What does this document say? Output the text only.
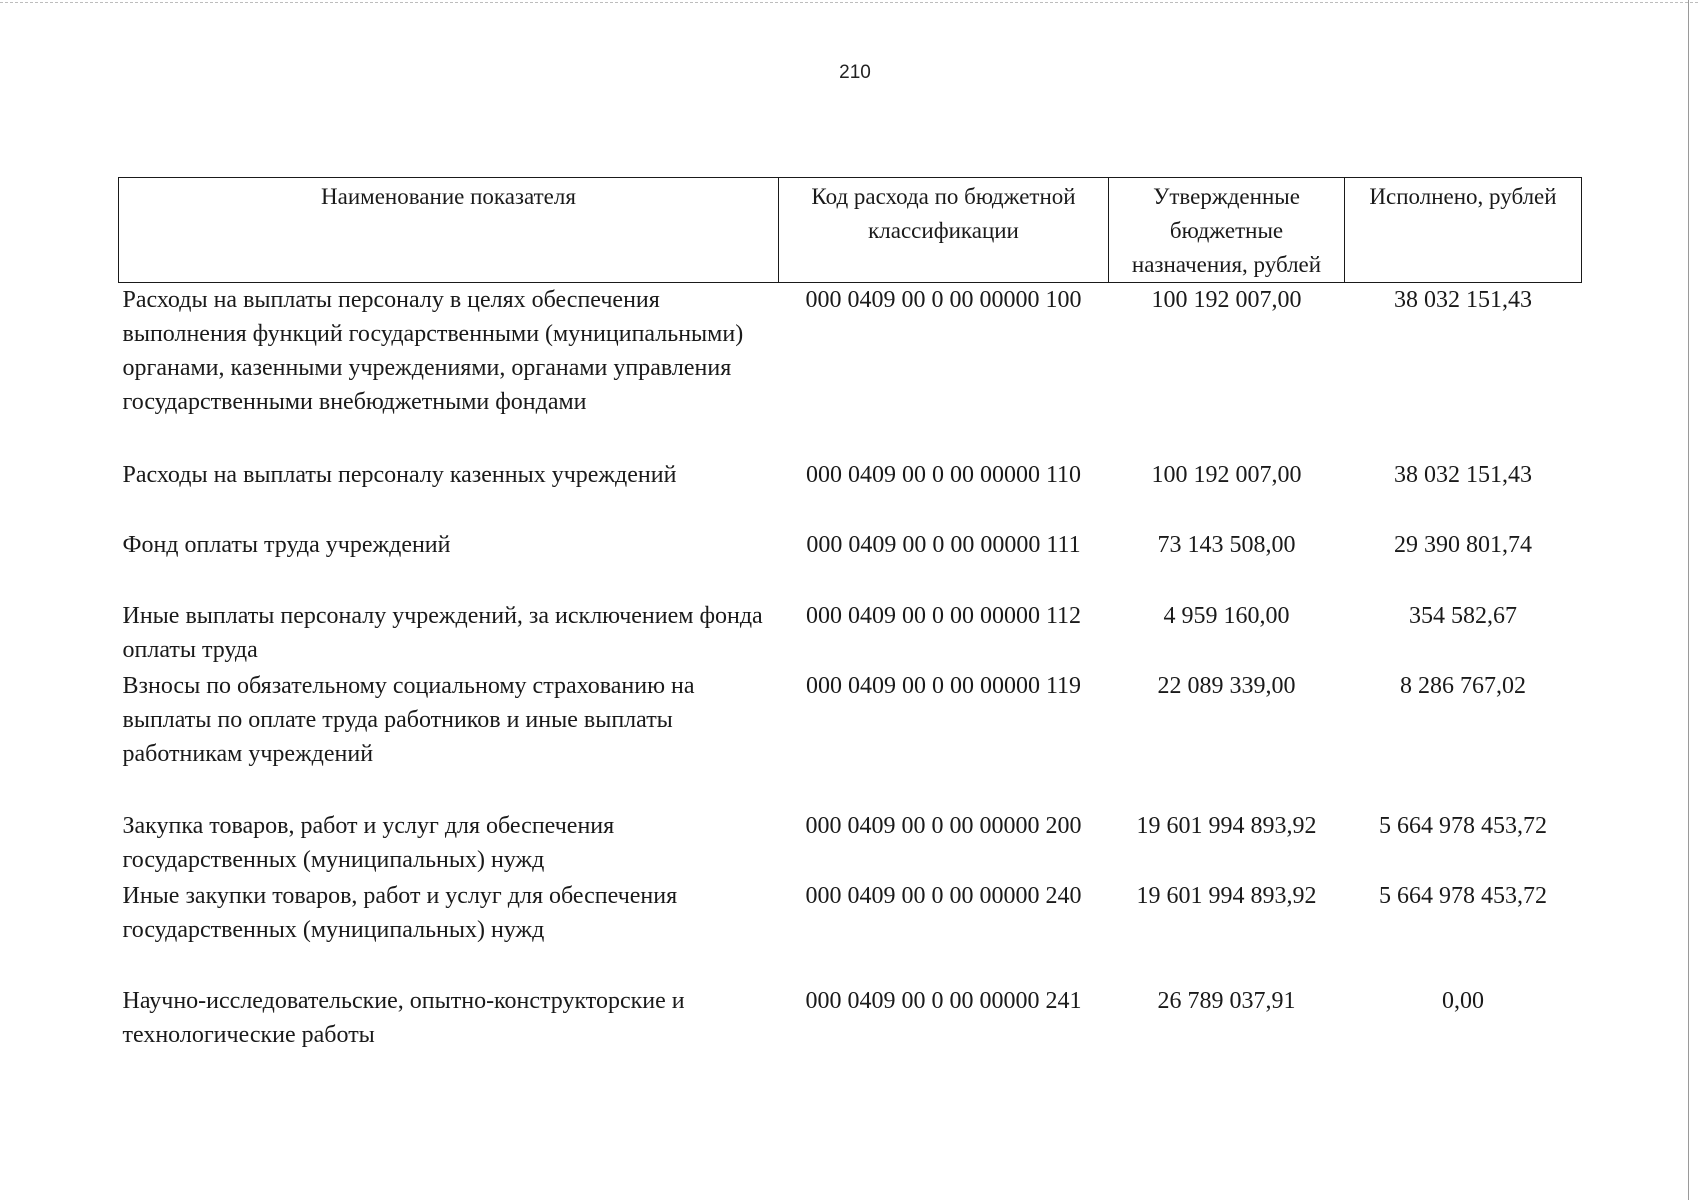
210
Наименование показателя	Код расхода по бюджетной классификации	Утвержденные бюджетные назначения, рублей	Исполнено, рублей
Расходы на выплаты персоналу в целях обеспечения выполнения функций государственными (муниципальными) органами, казенными учреждениями, органами управления государственными внебюджетными фондами	000 0409 00 0 00 00000 100	100 192 007,00	38 032 151,43
Расходы на выплаты персоналу казенных учреждений	000 0409 00 0 00 00000 110	100 192 007,00	38 032 151,43
Фонд оплаты труда учреждений	000 0409 00 0 00 00000 111	73 143 508,00	29 390 801,74
Иные выплаты персоналу учреждений, за исключением фонда оплаты труда	000 0409 00 0 00 00000 112	4 959 160,00	354 582,67
Взносы по обязательному социальному страхованию на выплаты по оплате труда работников и иные выплаты работникам учреждений	000 0409 00 0 00 00000 119	22 089 339,00	8 286 767,02
Закупка товаров, работ и услуг для обеспечения государственных (муниципальных) нужд	000 0409 00 0 00 00000 200	19 601 994 893,92	5 664 978 453,72
Иные закупки товаров, работ и услуг для обеспечения государственных (муниципальных) нужд	000 0409 00 0 00 00000 240	19 601 994 893,92	5 664 978 453,72
Научно-исследовательские, опытно-конструкторские и технологические работы	000 0409 00 0 00 00000 241	26 789 037,91	0,00
